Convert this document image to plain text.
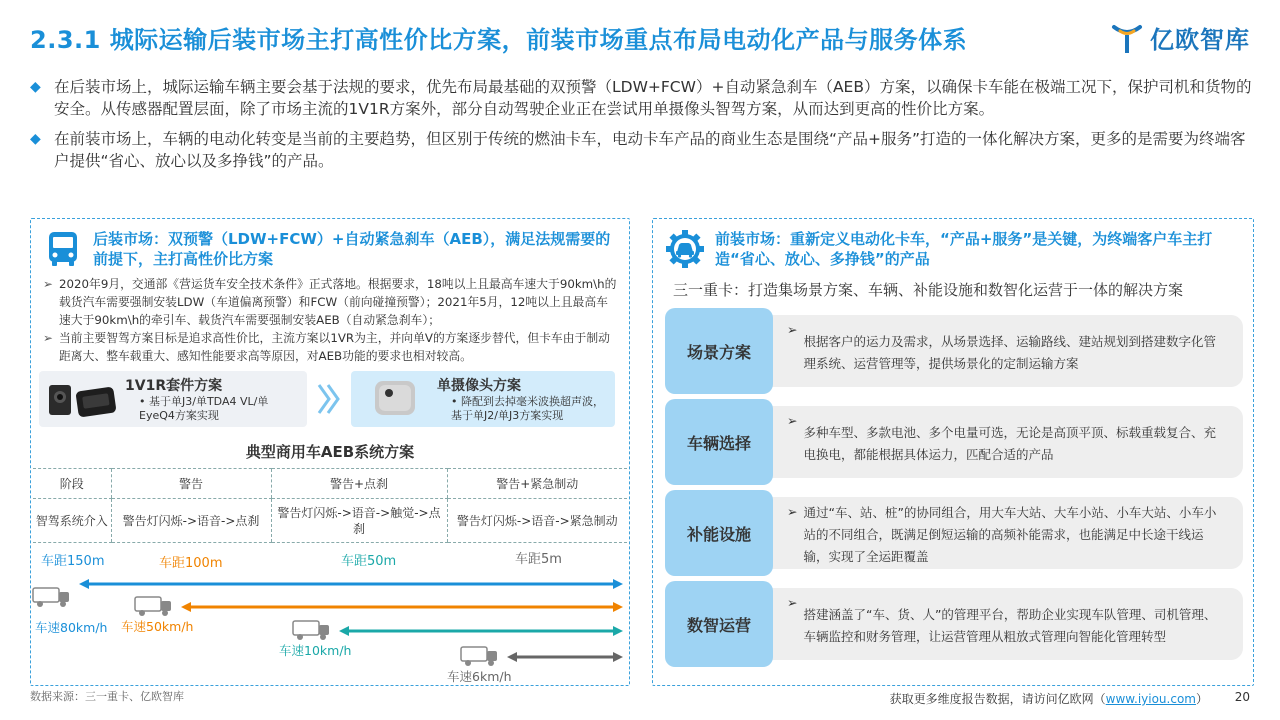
2.3.1 城际运输后装市场主打高性价比方案，前装市场重点布局电动化产品与服务体系	亿欧智库
◆ 在后装市场上，城际运输车辆主要会基于法规的要求，优先布局最基础的双预警（LDW+FCW）+自动紧急刹车（AEB）方案，以确保卡车能在极端工况下，保护司机和货物的安全。从传感器配置层面，除了市场主流的1V1R方案外，部分自动驾驶企业正在尝试用单摄像头智驾方案，从而达到更高的性价比方案。
◆ 在前装市场上，车辆的电动化转变是当前的主要趋势，但区别于传统的燃油卡车，电动卡车产品的商业生态是围绕“产品+服务”打造的一体化解决方案，更多的是需要为终端客户提供“省心、放心以及多挣钱”的产品。
后装市场：双预警（LDW+FCW）+自动紧急刹车（AEB），满足法规需要的前提下，主打高性价比方案
➢ 2020年9月，交通部《营运货车安全技术条件》正式落地。根据要求，18吨以上且最高车速大于90km\h的载货汽车需要强制安装LDW（车道偏离预警）和FCW（前向碰撞预警）；2021年5月，12吨以上且最高车速大于90km\h的牵引车、载货汽车需要强制安装AEB（自动紧急刹车）；
➢ 当前主要智驾方案目标是追求高性价比，主流方案以1VR为主，并向单V的方案逐步替代，但卡车由于制动距离大、整车载重大、感知性能要求高等原因，对AEB功能的要求也相对较高。
1V1R套件方案
• 基于单J3/单TDA4 VL/单EyeQ4方案实现
单摄像头方案
• 降配到去掉毫米波换超声波，基于单J2/单J3方案实现
典型商用车AEB系统方案
阶段	警告	警告+点刹	警告+紧急制动
智驾系统介入	警告灯闪烁->语音->点刹	警告灯闪烁->语音->触觉->点刹	警告灯闪烁->语音->紧急制动
车距150m	车距100m	车距50m	车距5m
车速80km/h 车速50km/h
车速10km/h
车速6km/h
前装市场：重新定义电动化卡车，“产品+服务”是关键，为终端客户车主打造“省心、放心、多挣钱”的产品
三一重卡：打造集场景方案、车辆、补能设施和数智化运营于一体的解决方案
场景方案
➢
根据客户的运力及需求，从场景选择、运输路线、建站规划到搭建数字化管理系统、运营管理等，提供场景化的定制运输方案
车辆选择
➢
多种车型、多款电池、多个电量可选，无论是高顶平顶、标载重载复合、充电换电，都能根据具体运力，匹配合适的产品
补能设施
➢ 通过“车、站、桩”的协同组合，用大车大站、大车小站、小车大站、小车小站的不同组合，既满足倒短运输的高频补能需求，也能满足中长途干线运输，实现了全运距覆盖
数智运营
➢
搭建涵盖了“车、货、人”的管理平台，帮助企业实现车队管理、司机管理、车辆监控和财务管理，让运营管理从粗放式管理向智能化管理转型
数据来源：三一重卡、亿欧智库	获取更多维度报告数据，请访问亿欧网（www.iyiou.com） 20
